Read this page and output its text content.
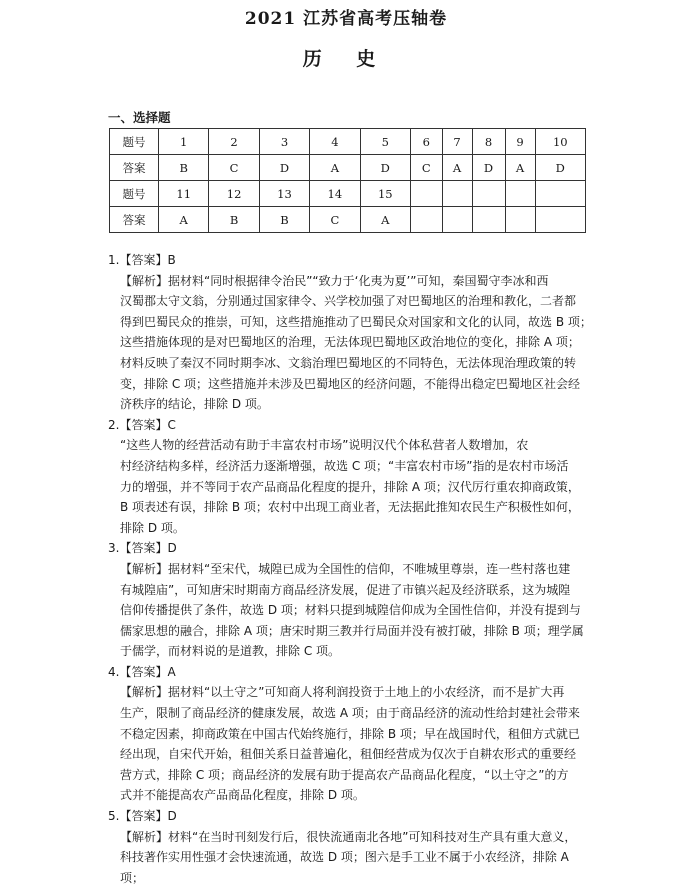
2021 江苏省高考压轴卷
历 史
一、选择题
题号	1	2	3	4	5	6	7	8	9	10
答案	B	C	D	A	D	C	A	D	A	D
题号	11	12	13	14	15					
答案	A	B	B	C	A					

1.【答案】B

【解析】据材料“同时根据律令治民”“致力于‘化夷为夏’”可知，秦国蜀守李冰和西

汉蜀郡太守文翁，分别通过国家律令、兴学校加强了对巴蜀地区的治理和教化，二者都

得到巴蜀民众的推崇，可知，这些措施推动了巴蜀民众对国家和文化的认同，故选 B 项；

这些措施体现的是对巴蜀地区的治理，无法体现巴蜀地区政治地位的变化，排除 A 项；

材料反映了秦汉不同时期李冰、文翁治理巴蜀地区的不同特色，无法体现治理政策的转

变，排除 C 项；这些措施并未涉及巴蜀地区的经济问题，不能得出稳定巴蜀地区社会经

济秩序的结论，排除 D 项。

2.【答案】C

“这些人物的经营活动有助于丰富农村市场”说明汉代个体私营者人数增加，农

村经济结构多样，经济活力逐渐增强，故选 C 项；“丰富农村市场”指的是农村市场活

力的增强，并不等同于农产品商品化程度的提升，排除 A 项；汉代厉行重农抑商政策，

B 项表述有误，排除 B 项；农村中出现工商业者，无法据此推知农民生产积极性如何，

排除 D 项。

3.【答案】D

【解析】据材料“至宋代，城隍已成为全国性的信仰，不唯城里尊崇，连一些村落也建

有城隍庙”，可知唐宋时期南方商品经济发展，促进了市镇兴起及经济联系，这为城隍

信仰传播提供了条件，故选 D 项；材料只提到城隍信仰成为全国性信仰，并没有提到与

儒家思想的融合，排除 A 项；唐宋时期三教并行局面并没有被打破，排除 B 项；理学属

于儒学，而材料说的是道教，排除 C 项。

4.【答案】A

【解析】据材料“以土守之”可知商人将利润投资于土地上的小农经济，而不是扩大再

生产，限制了商品经济的健康发展，故选 A 项；由于商品经济的流动性给封建社会带来

不稳定因素，抑商政策在中国古代始终施行，排除 B 项；早在战国时代，租佃方式就已

经出现，自宋代开始，租佃关系日益普遍化，租佃经营成为仅次于自耕农形式的重要经

营方式，排除 C 项；商品经济的发展有助于提高农产品商品化程度，“以土守之”的方

式并不能提高农产品商品化程度，排除 D 项。

5.【答案】D

【解析】材料“在当时刊刻发行后，很快流通南北各地”可知科技对生产具有重大意义，

科技著作实用性强才会快速流通，故选 D 项；图六是手工业不属于小农经济，排除 A 项；
